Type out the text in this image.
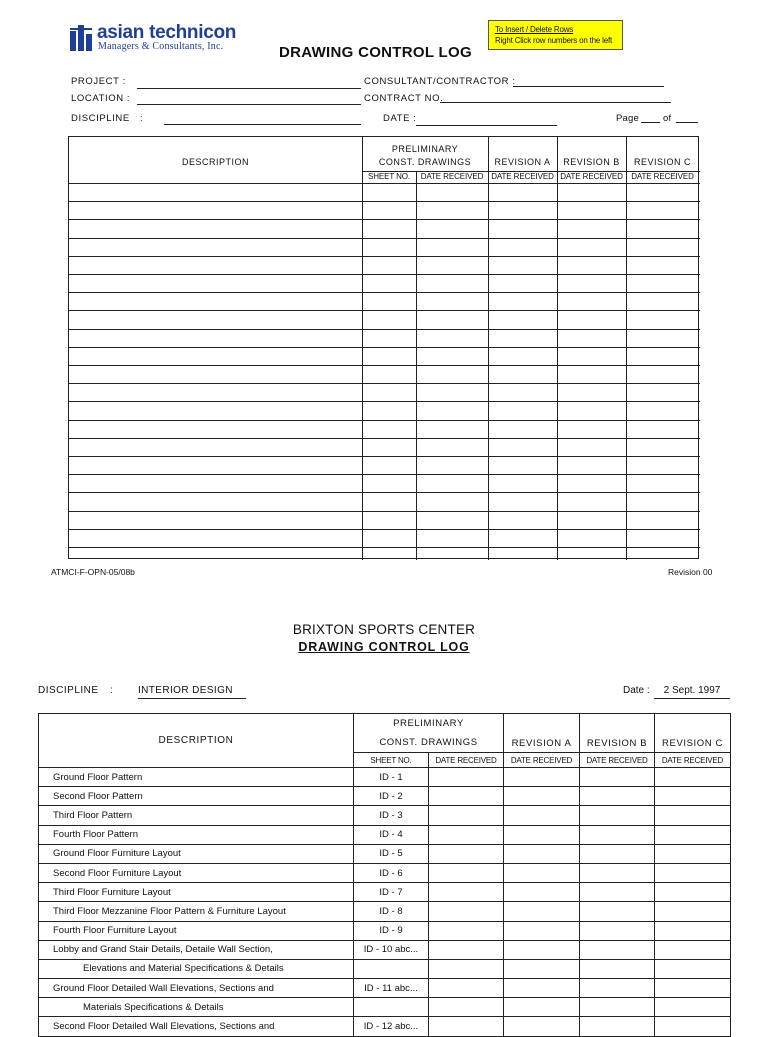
asian technicon
Managers & Consultants, Inc.	DRAWING CONTROL LOG
To Insert / Delete Rows
Right Click row numbers on the left
PROJECT :
LOCATION :
DISCIPLINE :
CONSULTANT/CONTRACTOR :
CONTRACT NO.
DATE :	Page	of
DESCRIPTION
PRELIMINARY
CONST. DRAWINGS	REVISION A	REVISION B	REVISION C
SHEET NO.	DATE RECEIVED DATE RECEIVED DATE RECEIVED	DATE RECEIVED
ATMCI-F-OPN-05/08b	Revision 00
BRIXTON SPORTS CENTER
DRAWING CONTROL LOG
DISCIPLINE :	INTERIOR DESIGN	Date :	2 Sept. 1997
DESCRIPTION	PRELIMINARY
CONST. DRAWINGS		REVISION A	REVISION B	REVISION C
	SHEET NO.	DATE RECEIVED	DATE RECEIVED	DATE RECEIVED	DATE RECEIVED
Ground Floor Pattern	ID - 1				
Second Floor Pattern	ID - 2				
Third Floor Pattern	ID - 3				
Fourth Floor Pattern	ID - 4				
Ground Floor Furniture Layout	ID - 5				
Second Floor Furniture Layout	ID - 6				
Third Floor Furniture Layout	ID - 7				
Third Floor Mezzanine Floor Pattern & Furniture Layout	ID - 8				
Fourth Floor Furniture Layout	ID - 9				
Lobby and Grand Stair Details, Detaile Wall Section,	ID - 10 abc...				
Elevations and Material Specifications & Details					
Ground Floor Detailed Wall Elevations, Sections and	ID - 11 abc...				
Materials Specifications & Details					
Second Floor Detailed Wall Elevations, Sections and	ID - 12 abc...				
